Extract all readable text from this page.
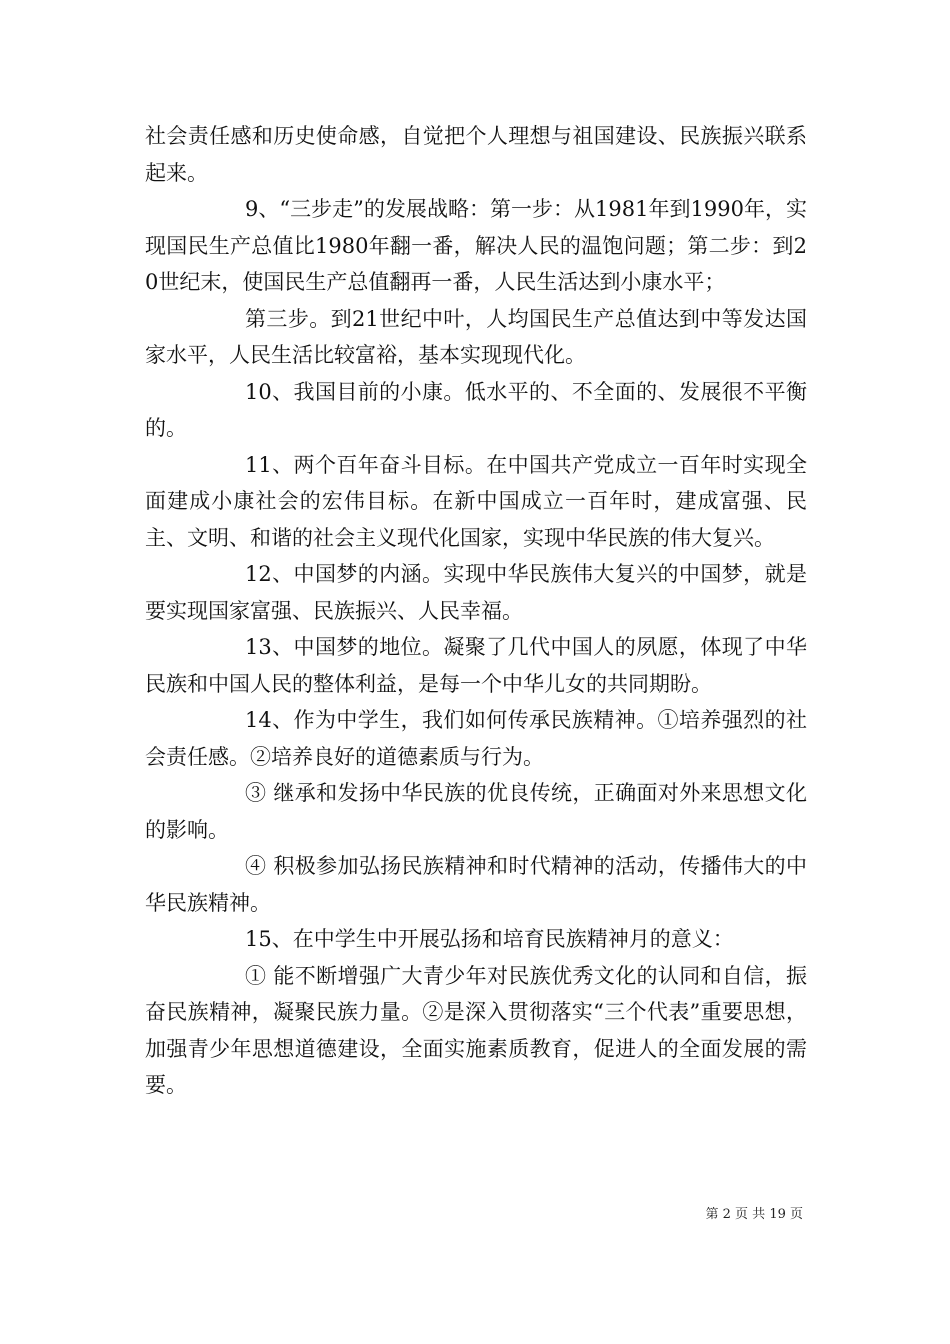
社会责任感和历史使命感，自觉把个人理想与祖国建设、民族振兴联系起来。

9、“三步走”的发展战略：第一步：从1981年到1990年，实现国民生产总值比1980年翻一番，解决人民的温饱问题；第二步：到20世纪末，使国民生产总值翻再一番，人民生活达到小康水平；

第三步。到21世纪中叶，人均国民生产总值达到中等发达国家水平，人民生活比较富裕，基本实现现代化。

10、我国目前的小康。低水平的、不全面的、发展很不平衡的。

11、两个百年奋斗目标。在中国共产党成立一百年时实现全面建成小康社会的宏伟目标。在新中国成立一百年时，建成富强、民主、文明、和谐的社会主义现代化国家，实现中华民族的伟大复兴。

12、中国梦的内涵。实现中华民族伟大复兴的中国梦，就是要实现国家富强、民族振兴、人民幸福。

13、中国梦的地位。凝聚了几代中国人的夙愿，体现了中华民族和中国人民的整体利益，是每一个中华儿女的共同期盼。

14、作为中学生，我们如何传承民族精神。①培养强烈的社会责任感。②培养良好的道德素质与行为。

③ 继承和发扬中华民族的优良传统，正确面对外来思想文化的影响。

④ 积极参加弘扬民族精神和时代精神的活动，传播伟大的中华民族精神。

15、在中学生中开展弘扬和培育民族精神月的意义：

① 能不断增强广大青少年对民族优秀文化的认同和自信，振奋民族精神，凝聚民族力量。②是深入贯彻落实“三个代表”重要思想，加强青少年思想道德建设，全面实施素质教育，促进人的全面发展的需要。

第 2 页 共 19 页
